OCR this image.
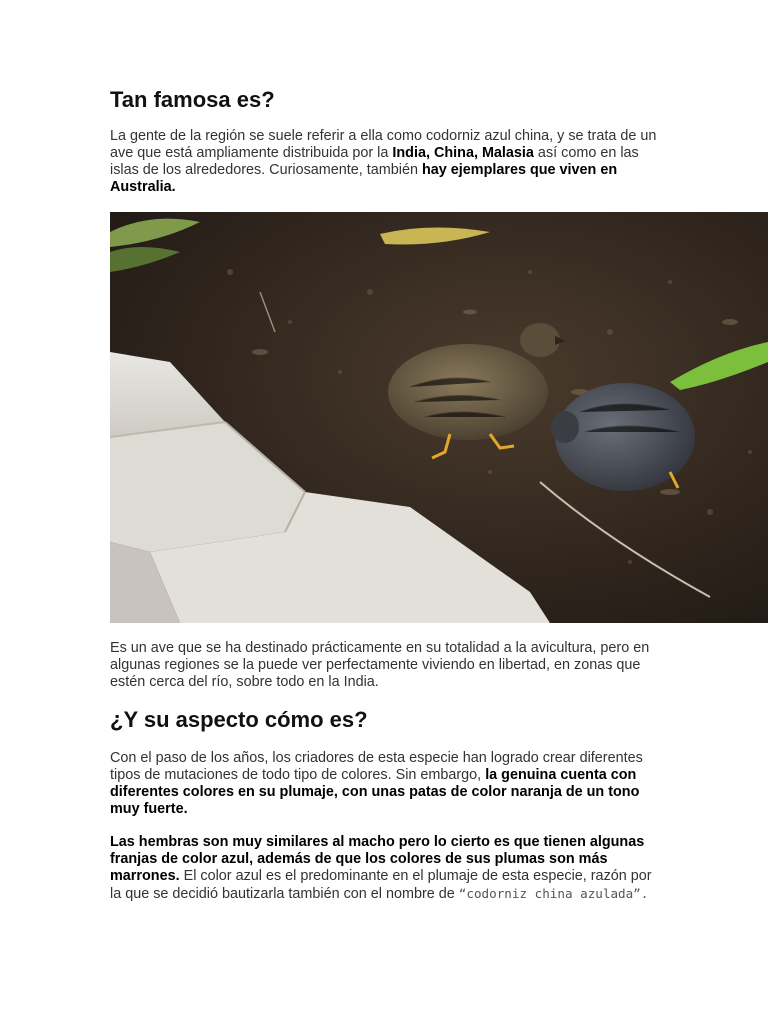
Tan famosa es?

La gente de la región se suele referir a ella como codorniz azul china, y se trata de un ave que está ampliamente distribuida por la India, China, Malasia así como en las islas de los alrededores. Curiosamente, también hay ejemplares que viven en Australia.

Es un ave que se ha destinado prácticamente en su totalidad a la avicultura, pero en algunas regiones se la puede ver perfectamente viviendo en libertad, en zonas que estén cerca del río, sobre todo en la India.

¿Y su aspecto cómo es?

Con el paso de los años, los criadores de esta especie han logrado crear diferentes tipos de mutaciones de todo tipo de colores. Sin embargo, la genuina cuenta con diferentes colores en su plumaje, con unas patas de color naranja de un tono muy fuerte.

Las hembras son muy similares al macho pero lo cierto es que tienen algunas franjas de color azul, además de que los colores de sus plumas son más marrones. El color azul es el predominante en el plumaje de esta especie, razón por la que se decidió bautizarla también con el nombre de “codorniz china azulada”.
